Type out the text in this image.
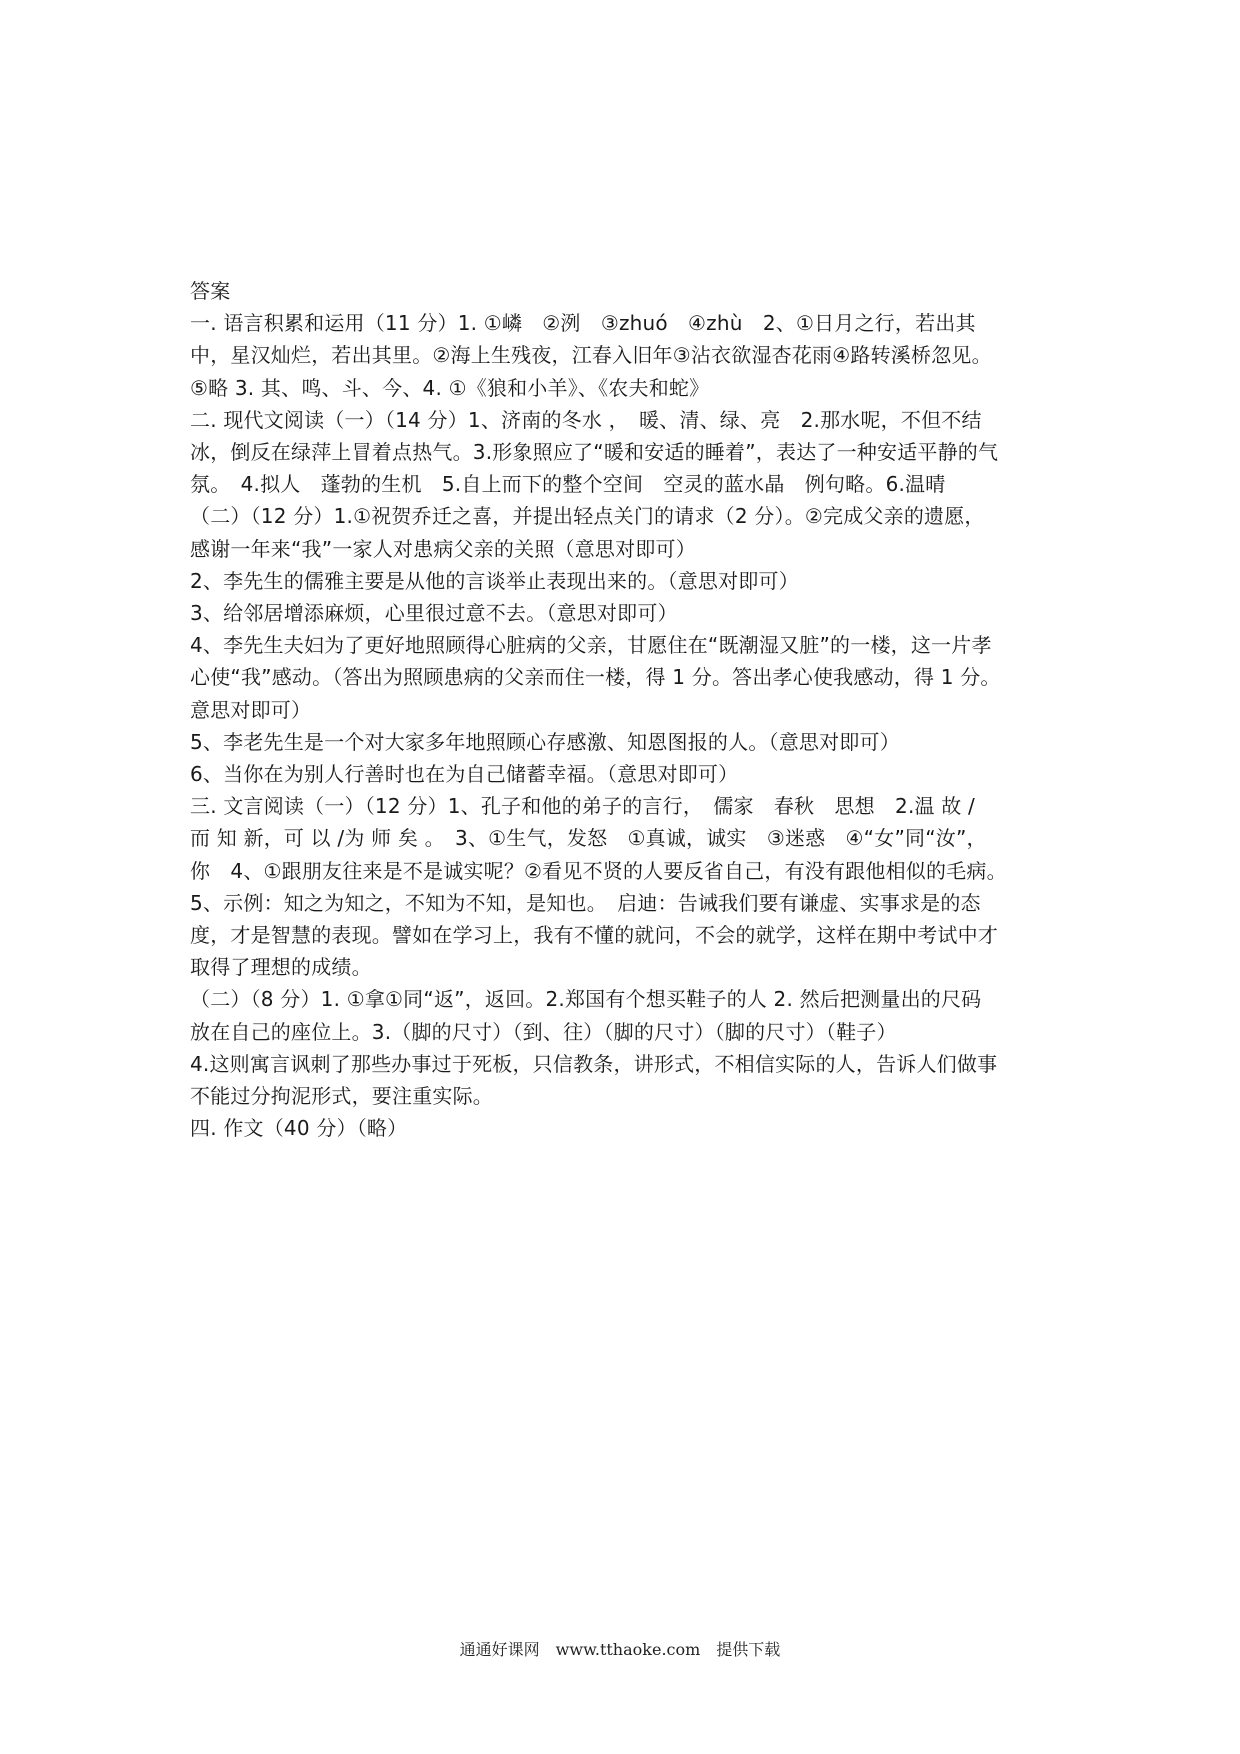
答案
一. 语言积累和运用（11 分）1. ①嶙　②洌　③zhuó　④zhù　2、①日月之行，若出其
中，星汉灿烂，若出其里。②海上生残夜，江春入旧年③沾衣欲湿杏花雨④路转溪桥忽见。
⑤略 3. 其、鸣、斗、今、4. ①《狼和小羊》、《农夫和蛇》
二. 现代文阅读（一）（14 分）1、济南的冬水 ，　暖、清、绿、亮　2.那水呢，不但不结
冰，倒反在绿萍上冒着点热气。3.形象照应了“暖和安适的睡着”，表达了一种安适平静的气
氛。　4.拟人　蓬勃的生机　5.自上而下的整个空间　空灵的蓝水晶　例句略。6.温晴
（二）（12 分）1.①祝贺乔迁之喜，并提出轻点关门的请求（2 分）。②完成父亲的遗愿，
感谢一年来“我”一家人对患病父亲的关照（意思对即可）
2、李先生的儒雅主要是从他的言谈举止表现出来的。（意思对即可）
3、给邻居增添麻烦，心里很过意不去。（意思对即可）
4、李先生夫妇为了更好地照顾得心脏病的父亲，甘愿住在“既潮湿又脏”的一楼，这一片孝
心使“我”感动。（答出为照顾患病的父亲而住一楼，得 1 分。答出孝心使我感动，得 1 分。
意思对即可）
5、李老先生是一个对大家多年地照顾心存感激、知恩图报的人。（意思对即可）
6、当你在为别人行善时也在为自己储蓄幸福。（意思对即可）
三. 文言阅读（一）（12 分）1、孔子和他的弟子的言行，　儒家　春秋　思想　2.温 故 /
而 知 新，可 以 /为 师 矣 。　3、①生气，发怒　①真诚，诚实　③迷惑　④“女”同“汝”，
你　4、①跟朋友往来是不是诚实呢？②看见不贤的人要反省自己，有没有跟他相似的毛病。
5、示例：知之为知之，不知为不知，是知也。　启迪：告诫我们要有谦虚、实事求是的态
度，才是智慧的表现。譬如在学习上，我有不懂的就问，不会的就学，这样在期中考试中才
取得了理想的成绩。
（二）（8 分）1. ①拿①同“返”，返回。2.郑国有个想买鞋子的人 2. 然后把测量出的尺码
放在自己的座位上。3.（脚的尺寸）（到、往）（脚的尺寸）（脚的尺寸）（鞋子）
4.这则寓言讽刺了那些办事过于死板，只信教条，讲形式，不相信实际的人，告诉人们做事
不能过分拘泥形式，要注重实际。
四. 作文（40 分）（略）
通通好课网　www.tthaoke.com　提供下载
